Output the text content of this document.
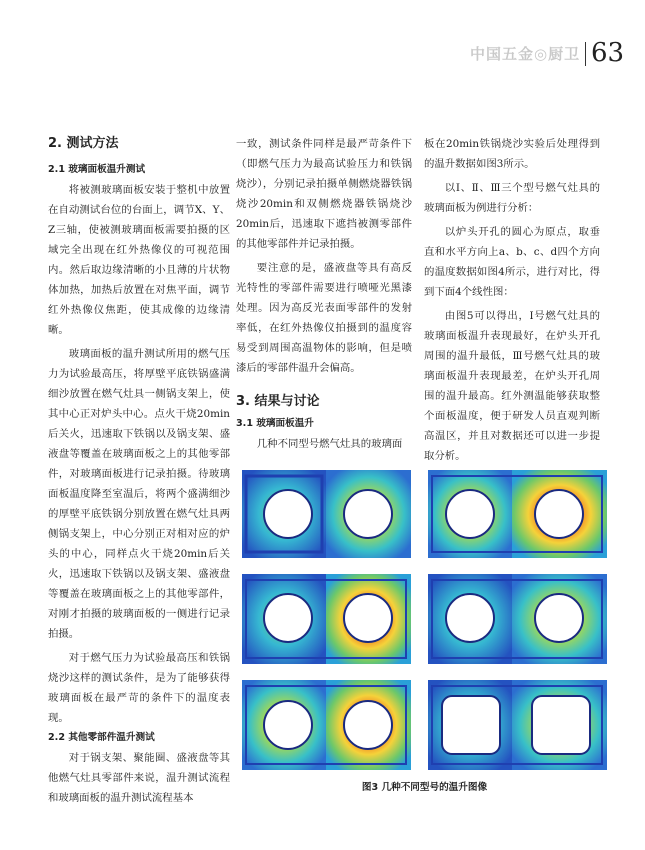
中国五金◎厨卫 63
2. 测试方法
2.1 玻璃面板温升测试

将被测玻璃面板安装于整机中放置在自动测试台位的台面上，调节X、Y、Z三轴，使被测玻璃面板需要拍摄的区域完全出现在红外热像仪的可视范围内。然后取边缘清晰的小且薄的片状物体加热，加热后放置在对焦平面，调节红外热像仪焦距，使其成像的边缘清晰。

玻璃面板的温升测试所用的燃气压力为试验最高压，将厚壁平底铁锅盛满细沙放置在燃气灶具一侧锅支架上，使其中心正对炉头中心。点火干烧20min后关火，迅速取下铁锅以及锅支架、盛液盘等覆盖在玻璃面板之上的其他零部件，对玻璃面板进行记录拍摄。待玻璃面板温度降至室温后，将两个盛满细沙的厚壁平底铁锅分别放置在燃气灶具两侧锅支架上，中心分别正对相对应的炉头的中心，同样点火干烧20min后关火，迅速取下铁锅以及锅支架、盛液盘等覆盖在玻璃面板之上的其他零部件，对刚才拍摄的玻璃面板的一侧进行记录拍摄。

对于燃气压力为试验最高压和铁锅烧沙这样的测试条件，是为了能够获得玻璃面板在最严苛的条件下的温度表现。

2.2 其他零部件温升测试

对于锅支架、聚能圈、盛液盘等其他燃气灶具零部件来说，温升测试流程和玻璃面板的温升测试流程基本

一致，测试条件同样是最严苛条件下（即燃气压力为最高试验压力和铁锅烧沙），分别记录拍摄单侧燃烧器铁锅烧沙20min和双侧燃烧器铁锅烧沙20min后，迅速取下遮挡被测零部件的其他零部件并记录拍摄。

要注意的是，盛液盘等具有高反光特性的零部件需要进行喷哑光黑漆处理。因为高反光表面零部件的发射率低，在红外热像仪拍摄到的温度容易受到周围高温物体的影响，但是喷漆后的零部件温升会偏高。

3. 结果与讨论
3.1 玻璃面板温升

几种不同型号燃气灶具的玻璃面

板在20min铁锅烧沙实验后处理得到的温升数据如图3所示。

以Ⅰ、Ⅱ、Ⅲ三个型号燃气灶具的玻璃面板为例进行分析：

以炉头开孔的圆心为原点，取垂直和水平方向上a、b、c、d四个方向的温度数据如图4所示，进行对比，得到下面4个线性图：

由图5可以得出，Ⅰ号燃气灶具的玻璃面板温升表现最好，在炉头开孔周围的温升最低，Ⅲ号燃气灶具的玻璃面板温升表现最差，在炉头开孔周围的温升最高。红外测温能够获取整个面板温度，便于研发人员直观判断高温区，并且对数据还可以进一步提取分析。

图3 几种不同型号的温升图像
